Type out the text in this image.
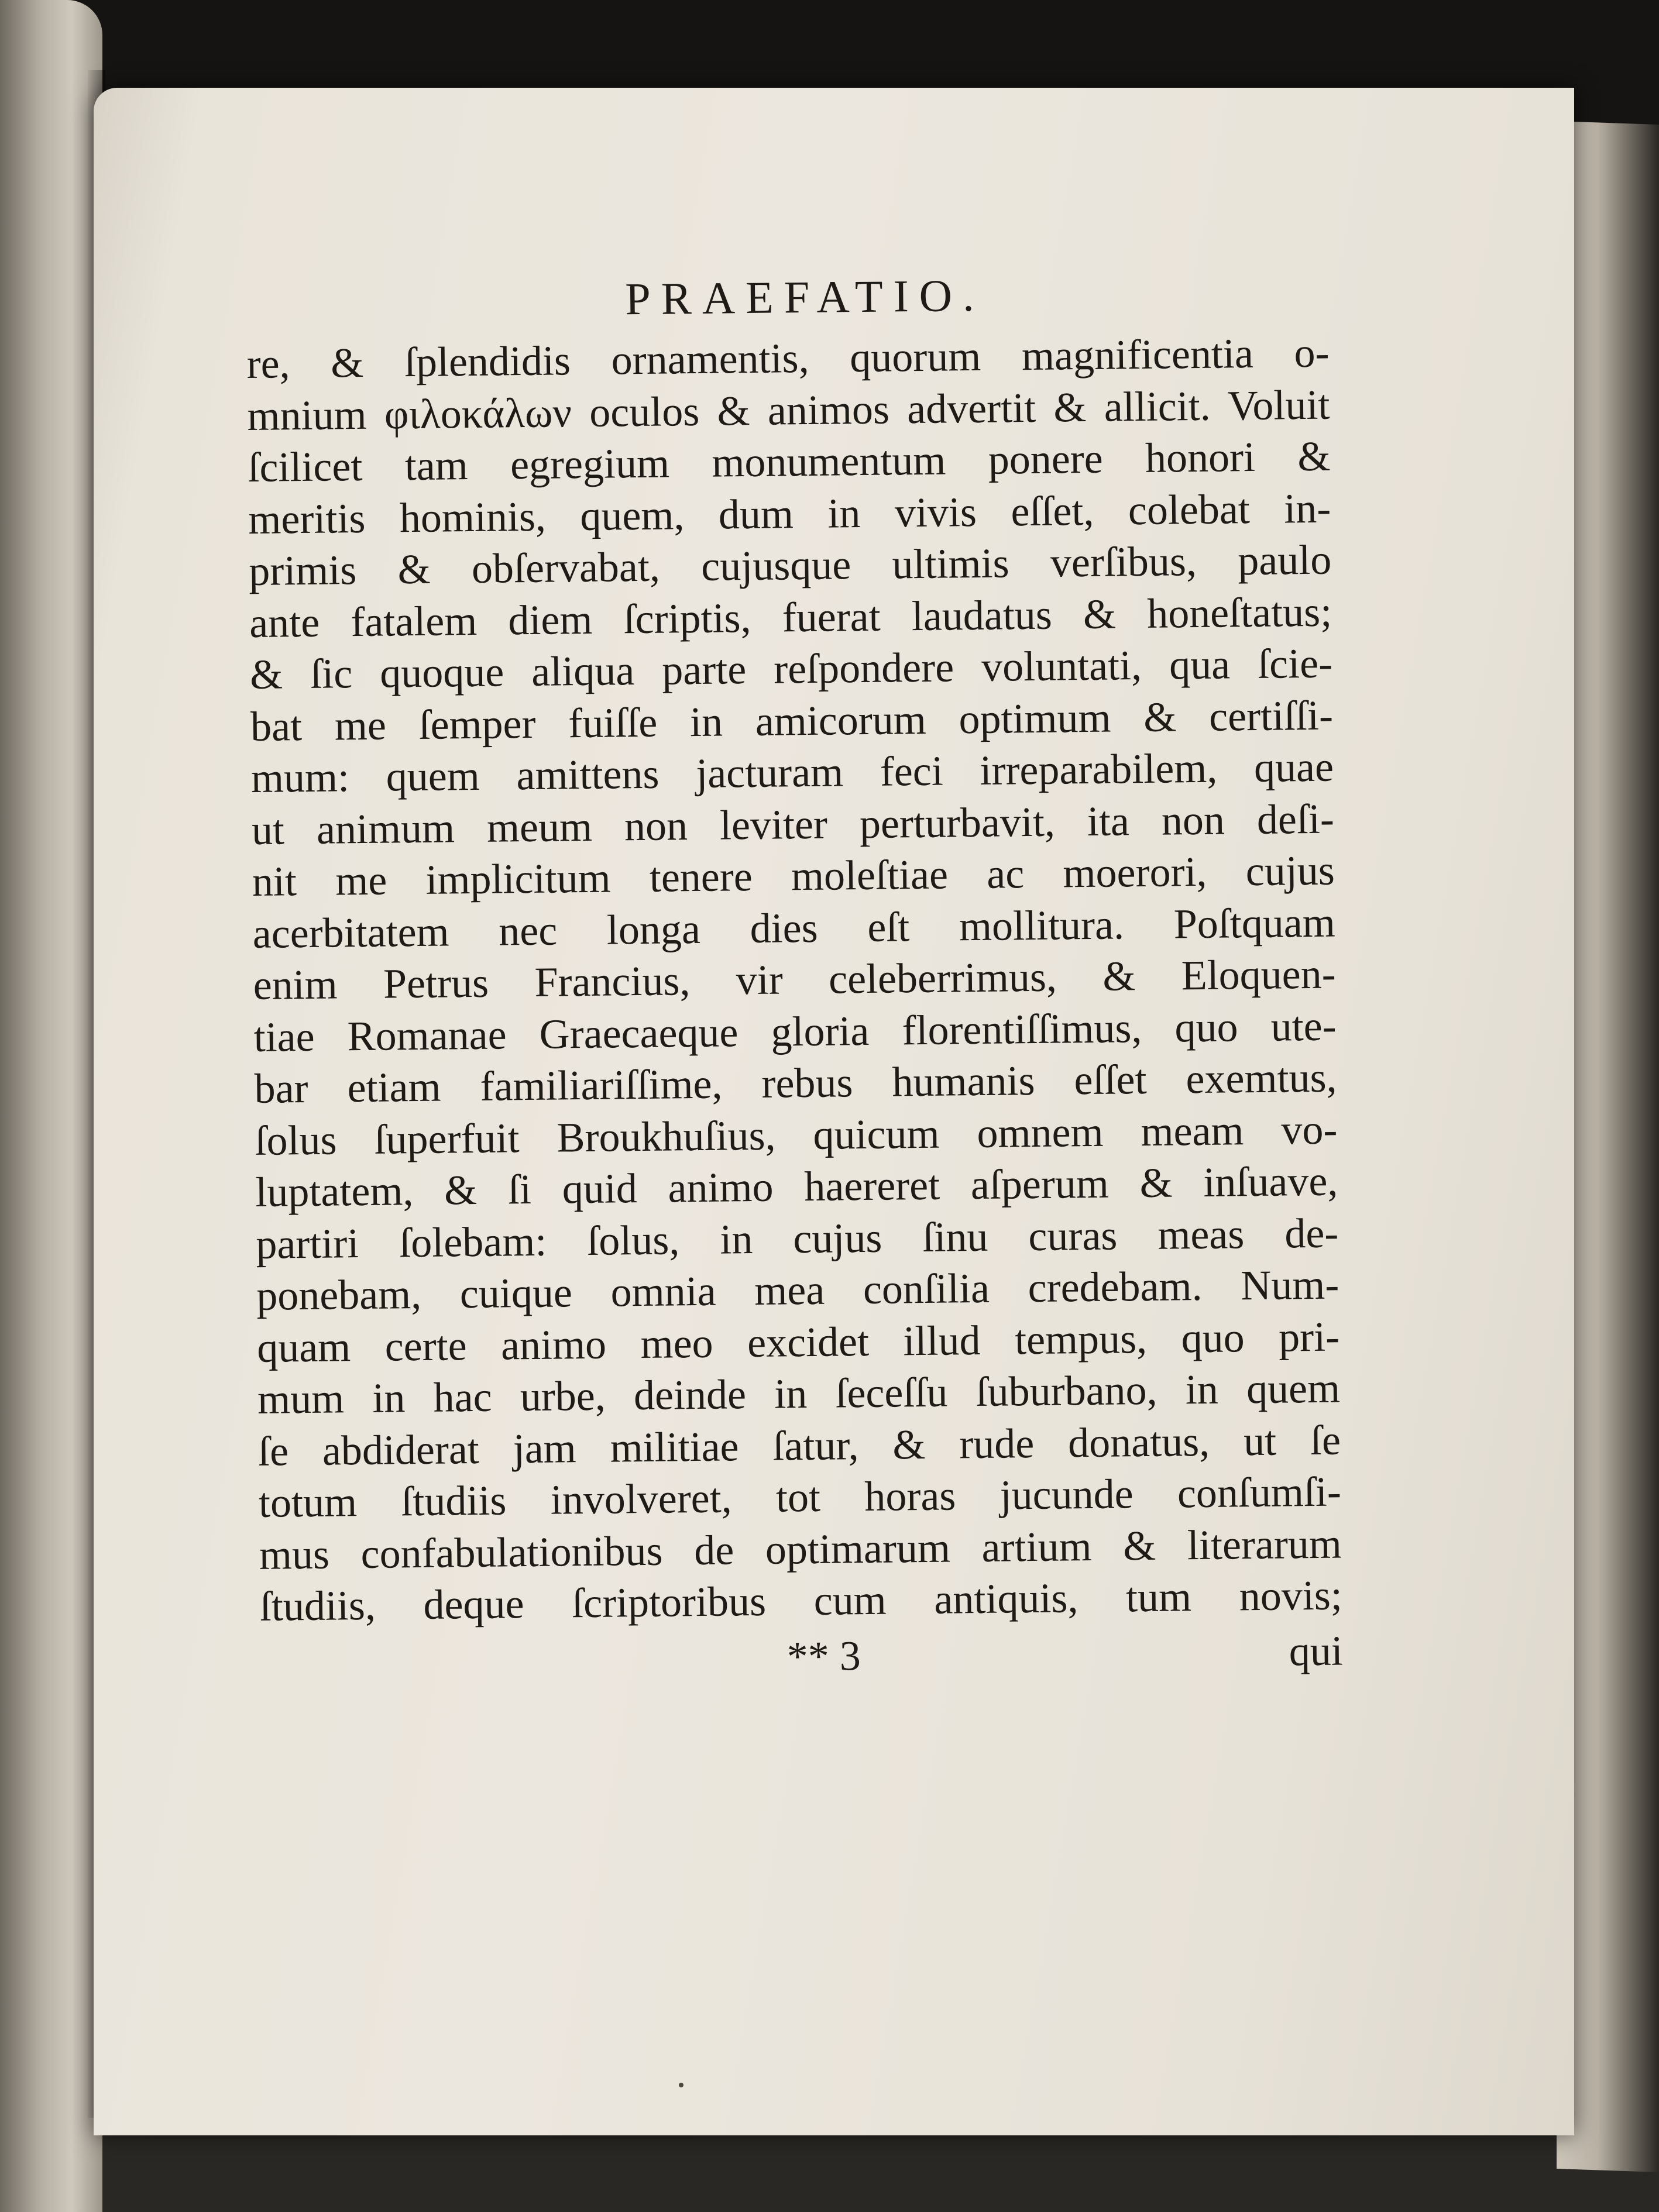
PRAEFATIO.
re, & ſplendidis ornamentis, quorum magnificentia o-
mnium φιλοκάλων oculos & animos advertit & allicit. Voluit
ſcilicet tam egregium monumentum ponere honori &
meritis hominis, quem, dum in vivis eſſet, colebat in-
primis & obſervabat, cujusque ultimis verſibus, paulo
ante fatalem diem ſcriptis, fuerat laudatus & honeſtatus;
& ſic quoque aliqua parte reſpondere voluntati, qua ſcie-
bat me ſemper fuiſſe in amicorum optimum & certiſſi-
mum: quem amittens jacturam feci irreparabilem, quae
ut animum meum non leviter perturbavit, ita non deſi-
nit me implicitum tenere moleſtiae ac moerori, cujus
acerbitatem nec longa dies eſt mollitura. Poſtquam
enim Petrus Francius, vir celeberrimus, & Eloquen-
tiae Romanae Graecaeque gloria florentiſſimus, quo ute-
bar etiam familiariſſime, rebus humanis eſſet exemtus,
ſolus ſuperfuit Broukhuſius, quicum omnem meam vo-
luptatem, & ſi quid animo haereret aſperum & inſuave,
partiri ſolebam: ſolus, in cujus ſinu curas meas de-
ponebam, cuique omnia mea conſilia credebam. Num-
quam certe animo meo excidet illud tempus, quo pri-
mum in hac urbe, deinde in ſeceſſu ſuburbano, in quem
ſe abdiderat jam militiae ſatur, & rude donatus, ut ſe
totum ſtudiis involveret, tot horas jucunde conſumſi-
mus confabulationibus de optimarum artium & literarum
ſtudiis, deque ſcriptoribus cum antiquis, tum novis;
** 3	qui
